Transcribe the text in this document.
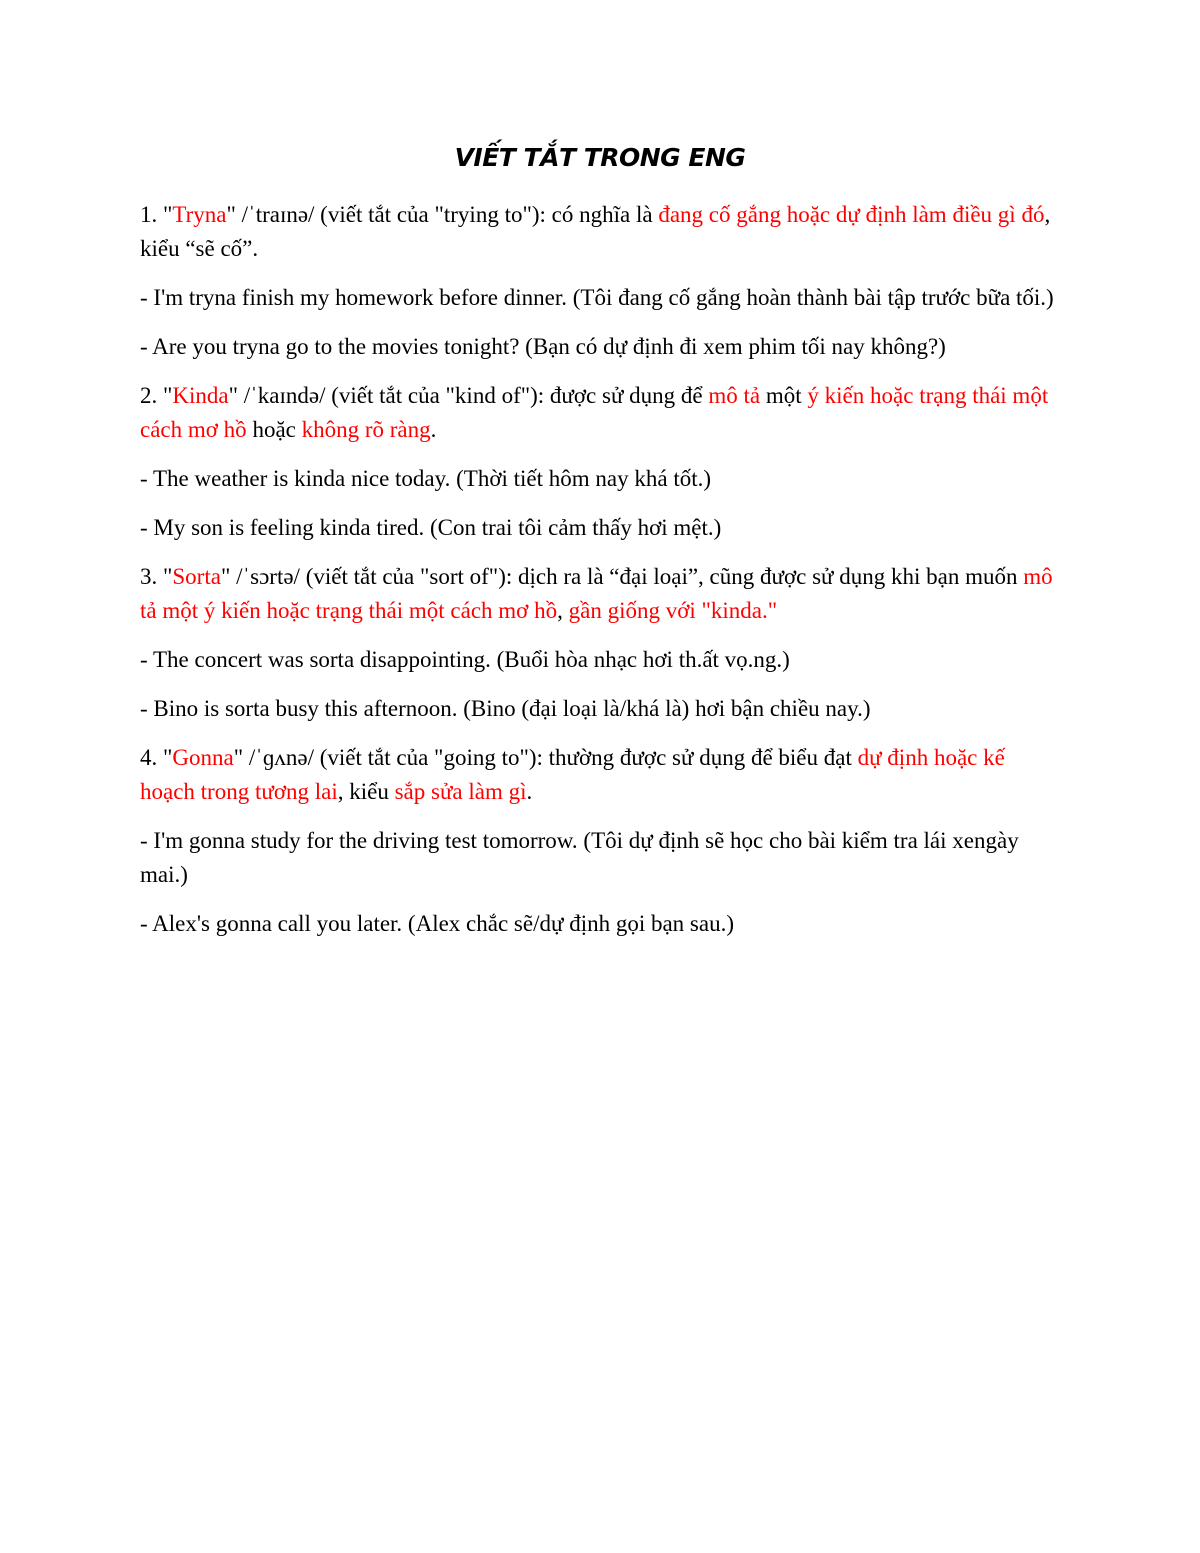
VIẾT TẮT TRONG ENG

1. "Tryna" /ˈtraɪnə/ (viết tắt của "trying to"): có nghĩa là đang cố gắng hoặc dự định làm điều gì đó, kiểu “sẽ cố”.

- I'm tryna finish my homework before dinner. (Tôi đang cố gắng hoàn thành bài tập trước bữa tối.)

- Are you tryna go to the movies tonight? (Bạn có dự định đi xem phim tối nay không?)

2. "Kinda" /ˈkaɪndə/ (viết tắt của "kind of"): được sử dụng để mô tả một ý kiến hoặc trạng thái một cách mơ hồ hoặc không rõ ràng.

- The weather is kinda nice today. (Thời tiết hôm nay khá tốt.)

- My son is feeling kinda tired. (Con trai tôi cảm thấy hơi mệt.)

3. "Sorta" /ˈsɔrtə/ (viết tắt của "sort of"): dịch ra là “đại loại”, cũng được sử dụng khi bạn muốn mô tả một ý kiến hoặc trạng thái một cách mơ hồ, gần giống với "kinda."

- The concert was sorta disappointing. (Buổi hòa nhạc hơi th.ất vọ.ng.)

- Bino is sorta busy this afternoon. (Bino (đại loại là/khá là) hơi bận chiều nay.)

4. "Gonna" /ˈɡʌnə/ (viết tắt của "going to"): thường được sử dụng để biểu đạt dự định hoặc kế hoạch trong tương lai, kiểu sắp sửa làm gì.

- I'm gonna study for the driving test tomorrow. (Tôi dự định sẽ học cho bài kiểm tra lái xengày mai.)

- Alex's gonna call you later. (Alex chắc sẽ/dự định gọi bạn sau.)
